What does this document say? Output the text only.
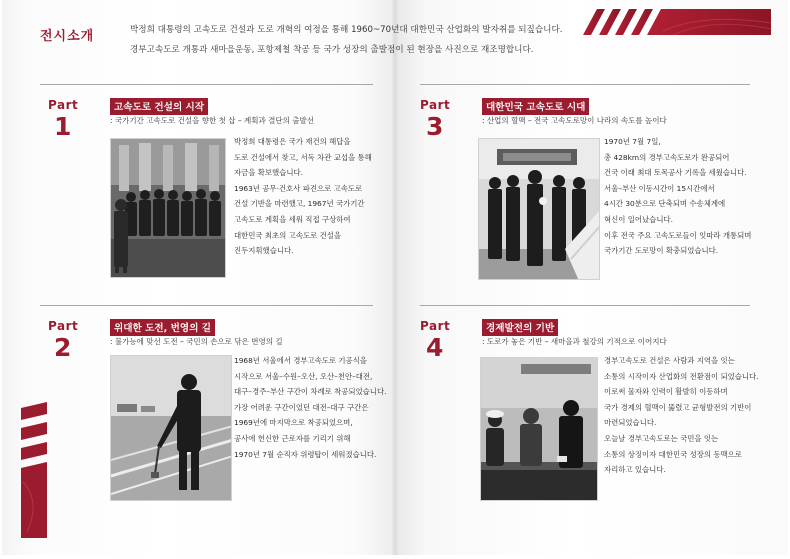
전시소개	박정희 대통령의 고속도로 건설과 도로 개혁의 여정을 통해 1960~70년대 대한민국 산업화의 발자취를 되짚습니다.
경부고속도로 개통과 새마을운동, 포항제철 착공 등 국가 성장의 출발점이 된 현장을 사진으로 재조명합니다.
Part
1
고속도로 건설의 시작
: 국가기간 고속도로 건설을 향한 첫 삽 – 계획과 결단의 출발선
박정희 대통령은 국가 재건의 해답을
도로 건설에서 찾고, 서독 차관 교섭을 통해
자금을 확보했습니다.
1963년 공무·건호사 파견으로 고속도로
건설 기반을 마련했고, 1967년 국가기간
고속도로 계획을 세워 직접 구상하여
대한민국 최초의 고속도로 건설을
진두지휘했습니다.
Part
2
위대한 도전, 번영의 길
: 불가능에 맞선 도전 – 국민의 손으로 닦은 번영의 길
1968년 서울에서 경부고속도로 기공식을
시작으로 서울–수원–오산, 오산–천안–대전,
대구–경주–부산 구간이 차례로 착공되었습니다.
가장 어려운 구간이었던 대전–대구 구간은
1969년에 마지막으로 착공되었으며,
공사에 헌신한 근로자를 기리기 위해
1970년 7월 순직자 위령탑이 세워졌습니다.
Part
3
대한민국 고속도로 시대
: 산업의 혈맥 – 전국 고속도로망이 나라의 속도를 높이다
1970년 7월 7일,
총 428km의 경부고속도로가 완공되어
건국 이래 최대 토목공사 기록을 세웠습니다.
서울–부산 이동시간이 15시간에서
4시간 30분으로 단축되며 수송체계에
혁신이 일어났습니다.
이후 전국 주요 고속도로들이 잇따라 개통되며
국가기간 도로망이 확충되었습니다.
Part
4
경제발전의 기반
: 도로가 놓은 기반 – 새마을과 철강의 기적으로 이어지다
경부고속도로 건설은 사람과 지역을 잇는
소통의 시작이자 산업화의 전환점이 되었습니다.
이로써 물자와 인력이 활발히 이동하며
국가 경제의 혈맥이 뚫렸고 균형발전의 기반이
마련되었습니다.
오늘날 경부고속도로는 국민을 잇는
소통의 상징이자 대한민국 성장의 동맥으로
자리하고 있습니다.
